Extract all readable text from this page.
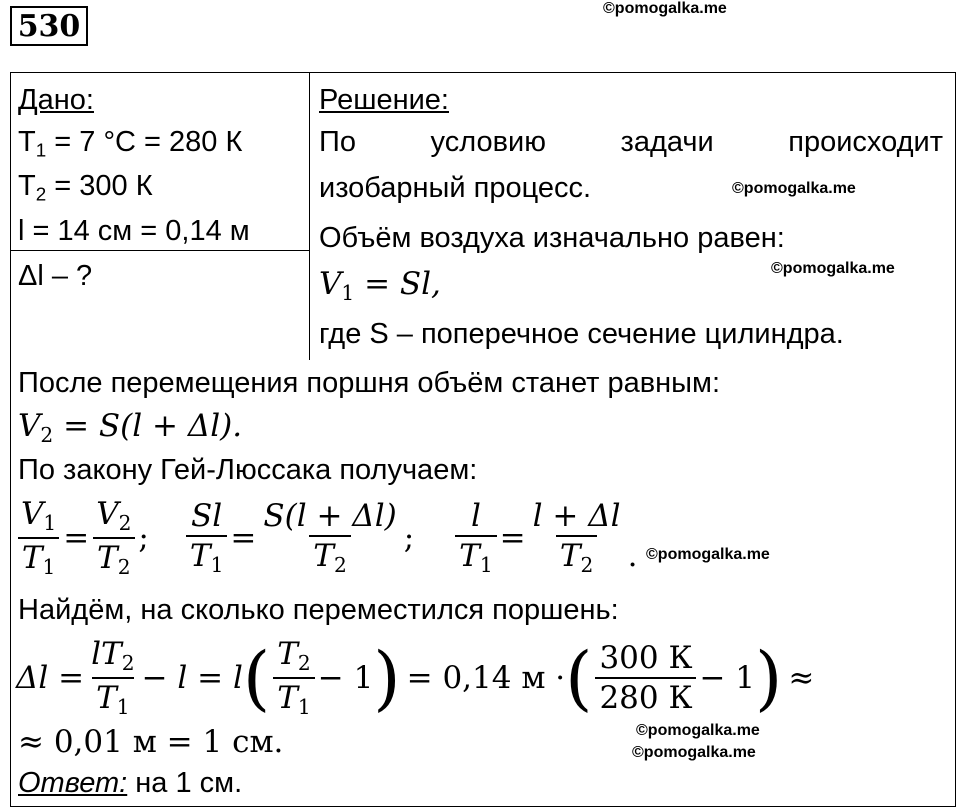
530	©pomogalka.me
©pomogalka.me
©pomogalka.me
©pomogalka.me
©pomogalka.me
©pomogalka.me
Дано:
$T_1 = 7$ °C = 280 К
$T_2 = 300$ К
l = 14 см = 0,14 м
Δl – ?
Решение:
По условию задачи происходит
изобарный процесс.
Объём воздуха изначально равен:
$V_1 = Sl$,
где S – поперечное сечение цилиндра.
После перемещения поршня объём станет равным:
$V_2 = S(l + \Delta l)$.
По закону Гей-Люссака получаем:
$\frac{V_1}{T_1} = \frac{V_2}{T_2}$ ; $\frac{Sl}{T_1} = \frac{S(l + \Delta l)}{T_2}$ ; $\frac{l}{T_1} = \frac{l + \Delta l}{T_2}$ .
Найдём, на сколько переместился поршень:
$\Delta l = \frac{lT_2}{T_1} - l = l$ ( $\frac{T_2}{T_1} - 1$ ) = 0,14 м · ( $\frac{300 К}{280 К} - 1$ ) ≈
≈ 0,01 м = 1 см.
Ответ: на 1 см.
